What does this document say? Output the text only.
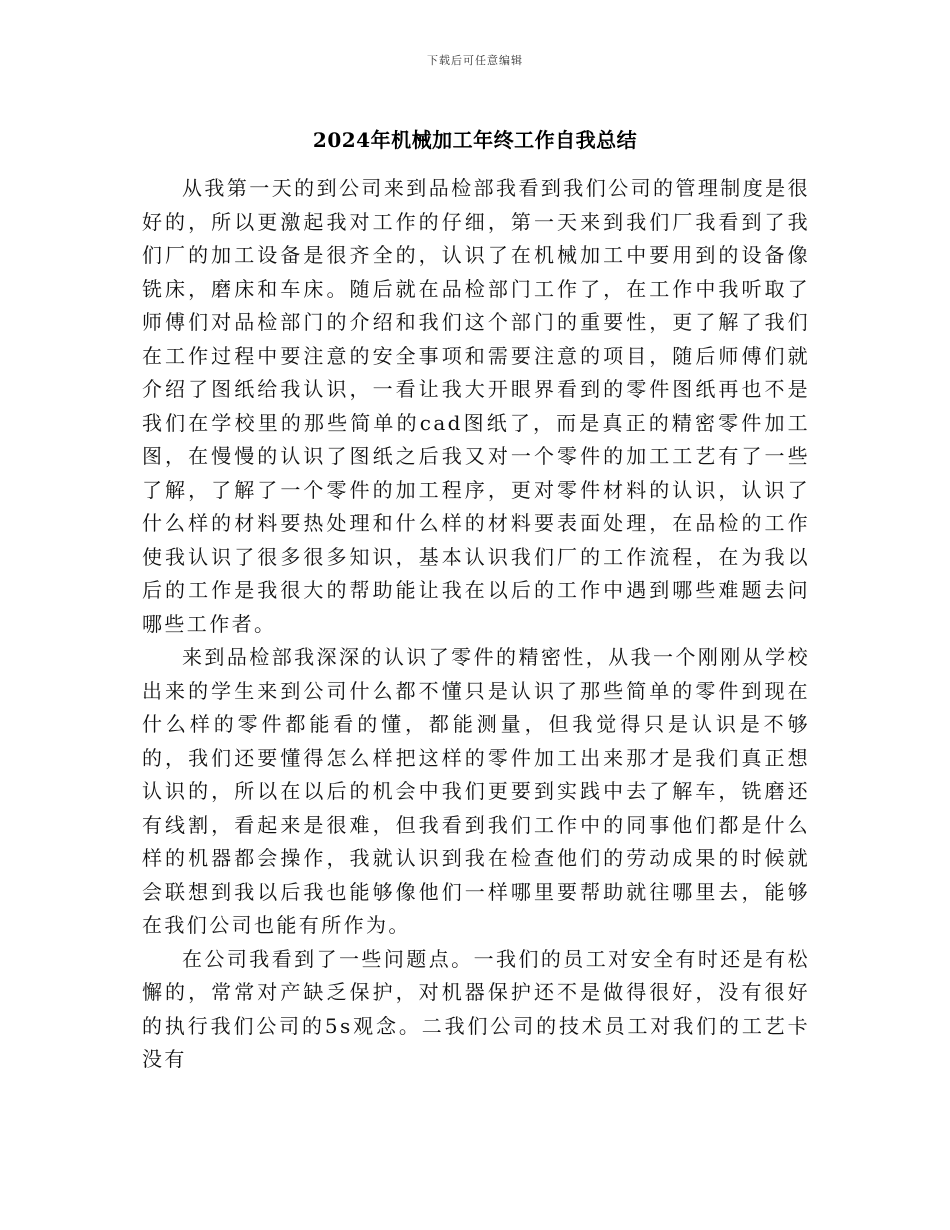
下载后可任意编辑
2024年机械加工年终工作自我总结

从我第一天的到公司来到品检部我看到我们公司的管理制度是很好的，所以更激起我对工作的仔细，第一天来到我们厂我看到了我们厂的加工设备是很齐全的，认识了在机械加工中要用到的设备像铣床，磨床和车床。随后就在品检部门工作了，在工作中我听取了师傅们对品检部门的介绍和我们这个部门的重要性，更了解了我们在工作过程中要注意的安全事项和需要注意的项目，随后师傅们就介绍了图纸给我认识，一看让我大开眼界看到的零件图纸再也不是我们在学校里的那些简单的cad图纸了，而是真正的精密零件加工图，在慢慢的认识了图纸之后我又对一个零件的加工工艺有了一些了解，了解了一个零件的加工程序，更对零件材料的认识，认识了什么样的材料要热处理和什么样的材料要表面处理，在品检的工作使我认识了很多很多知识，基本认识我们厂的工作流程，在为我以后的工作是我很大的帮助能让我在以后的工作中遇到哪些难题去问哪些工作者。

来到品检部我深深的认识了零件的精密性，从我一个刚刚从学校出来的学生来到公司什么都不懂只是认识了那些简单的零件到现在什么样的零件都能看的懂，都能测量，但我觉得只是认识是不够的，我们还要懂得怎么样把这样的零件加工出来那才是我们真正想认识的，所以在以后的机会中我们更要到实践中去了解车，铣磨还有线割，看起来是很难，但我看到我们工作中的同事他们都是什么样的机器都会操作，我就认识到我在检查他们的劳动成果的时候就会联想到我以后我也能够像他们一样哪里要帮助就往哪里去，能够在我们公司也能有所作为。

在公司我看到了一些问题点。一我们的员工对安全有时还是有松懈的，常常对产缺乏保护，对机器保护还不是做得很好，没有很好的执行我们公司的5s观念。二我们公司的技术员工对我们的工艺卡没有
